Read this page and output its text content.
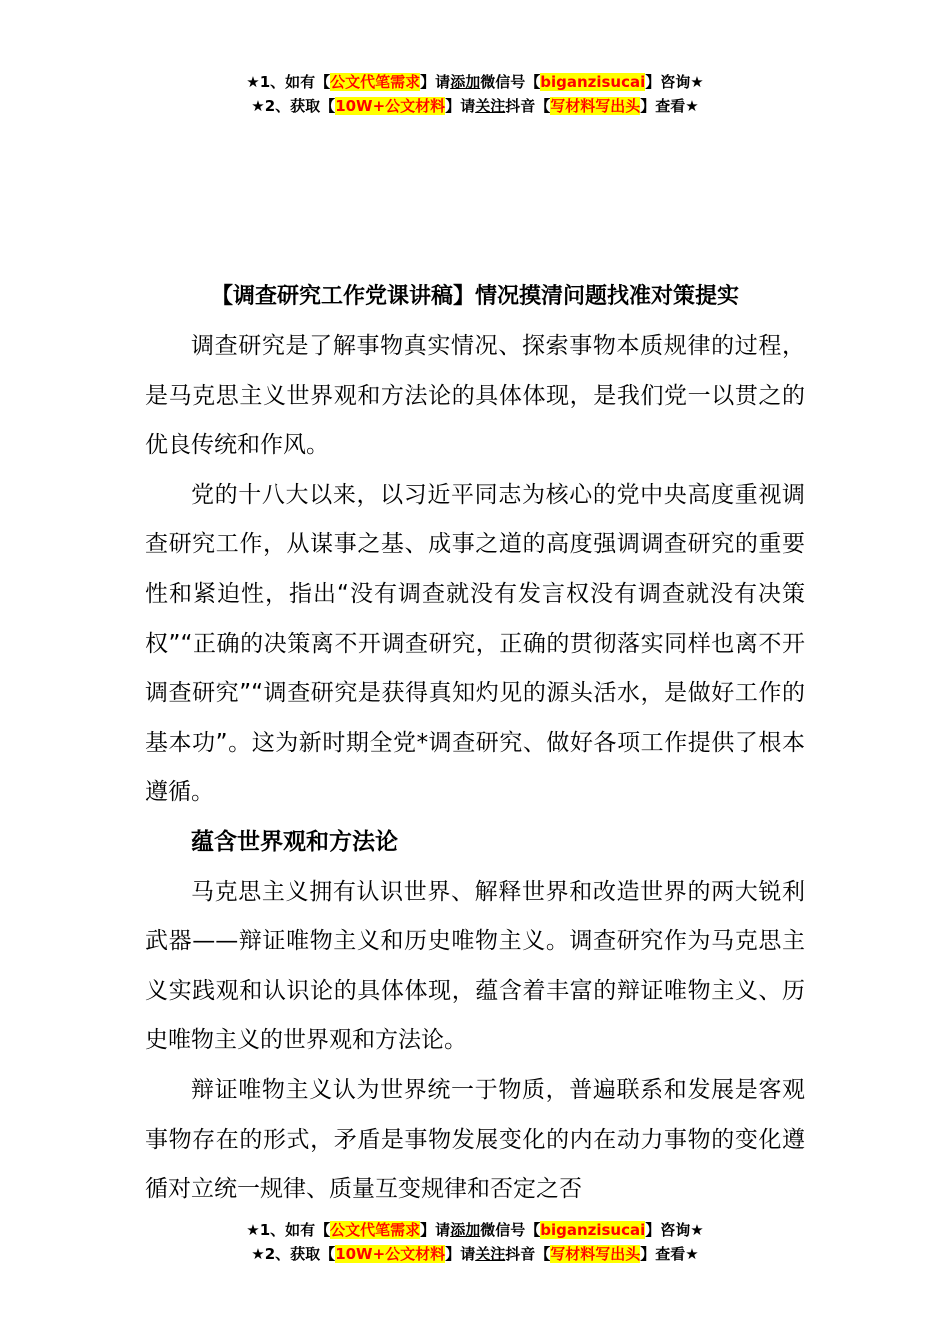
★1、如有【公文代笔需求】请添加微信号【biganzisucai】咨询★
★2、获取【10W+公文材料】请关注抖音【写材料写出头】查看★
【调查研究工作党课讲稿】情况摸清问题找准对策提实

调查研究是了解事物真实情况、探索事物本质规律的过程，是马克思主义世界观和方法论的具体体现，是我们党一以贯之的优良传统和作风。

党的十八大以来，以习近平同志为核心的党中央高度重视调查研究工作，从谋事之基、成事之道的高度强调调查研究的重要性和紧迫性，指出“没有调查就没有发言权没有调查就没有决策权”“正确的决策离不开调查研究，正确的贯彻落实同样也离不开调查研究”“调查研究是获得真知灼见的源头活水，是做好工作的基本功”。这为新时期全党*调查研究、做好各项工作提供了根本遵循。

蕴含世界观和方法论

马克思主义拥有认识世界、解释世界和改造世界的两大锐利武器——辩证唯物主义和历史唯物主义。调查研究作为马克思主义实践观和认识论的具体体现，蕴含着丰富的辩证唯物主义、历史唯物主义的世界观和方法论。

辩证唯物主义认为世界统一于物质，普遍联系和发展是客观事物存在的形式，矛盾是事物发展变化的内在动力事物的变化遵循对立统一规律、质量互变规律和否定之否

★1、如有【公文代笔需求】请添加微信号【biganzisucai】咨询★
★2、获取【10W+公文材料】请关注抖音【写材料写出头】查看★
